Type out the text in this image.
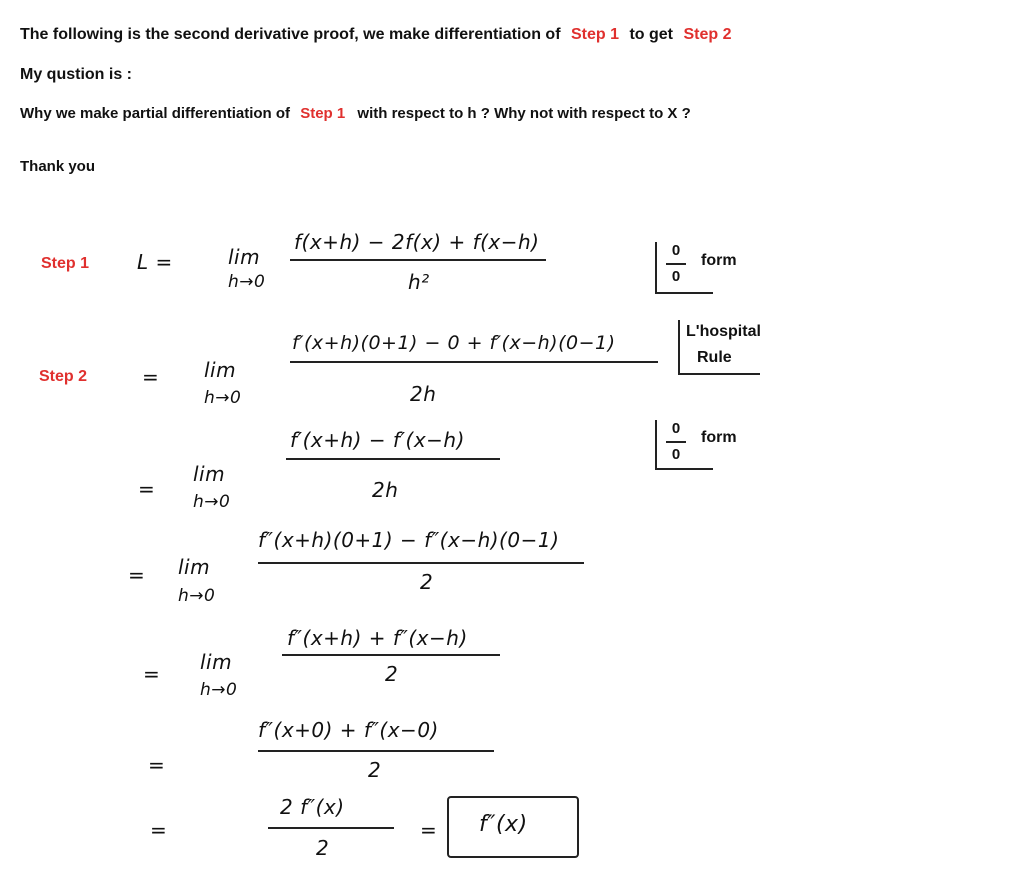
The following is the second derivative proof, we make differentiation of Step 1 to get Step 2
My qustion is :
Why we make partial differentiation of Step 1 with respect to h ? Why not with respect to X ?
Thank you
Step 1
Step 2
L =	lim
h→0
f(x+h) − 2f(x) + f(x−h)
h²
0
0
form
= lim
h→0
f′(x+h)(0+1) − 0 + f′(x−h)(0−1)
2h
L'hospital
Rule
=
lim
h→0
f′(x+h) − f′(x−h)
2h
0
0
form
= lim
h→0
f″(x+h)(0+1) − f″(x−h)(0−1)
2
= lim
h→0
f″(x+h) + f″(x−h)
2
=
f″(x+0) + f″(x−0)
2
=
2 f″(x)
2
= f″(x)
